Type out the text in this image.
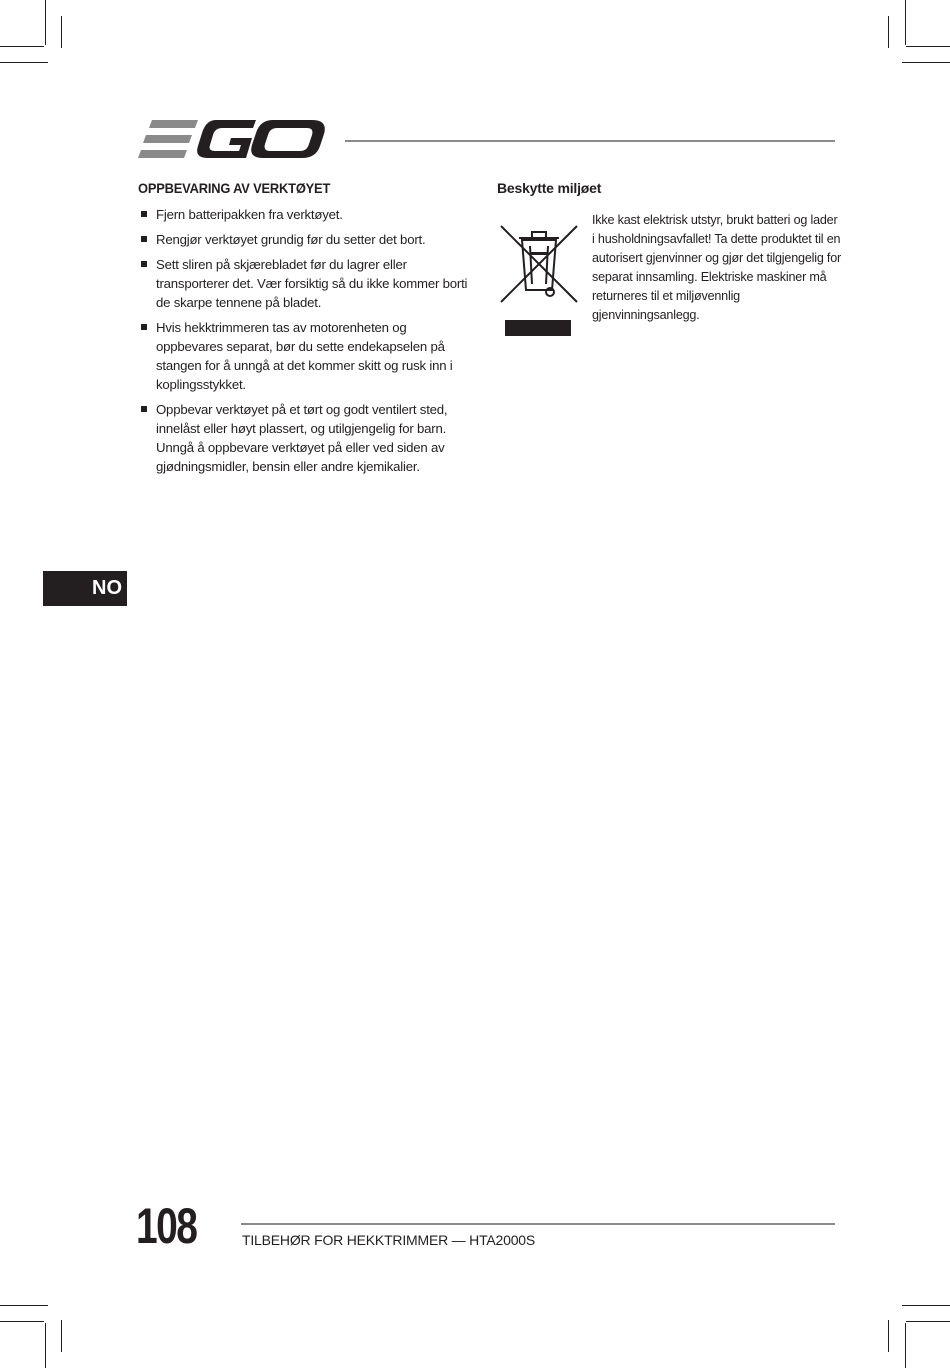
OPPBEVARING AV VERKTØYET
Fjern batteripakken fra verktøyet.
Rengjør verktøyet grundig før du setter det bort.
Sett sliren på skjærebladet før du lagrer eller transporterer det. Vær forsiktig så du ikke kommer borti de skarpe tennene på bladet.
Hvis hekktrimmeren tas av motorenheten og oppbevares separat, bør du sette endekapselen på stangen for å unngå at det kommer skitt og rusk inn i koplingsstykket.
Oppbevar verktøyet på et tørt og godt ventilert sted, innelåst eller høyt plassert, og utilgjengelig for barn. Unngå å oppbevare verktøyet på eller ved siden av gjødningsmidler, bensin eller andre kjemikalier.
Beskytte miljøet
Ikke kast elektrisk utstyr, brukt batteri og lader i husholdningsavfallet! Ta dette produktet til en autorisert gjenvinner og gjør det tilgjengelig for separat innsamling. Elektriske maskiner må returneres til et miljøvennlig gjenvinningsanlegg.
NO
108	TILBEHØR FOR HEKKTRIMMER — HTA2000S
